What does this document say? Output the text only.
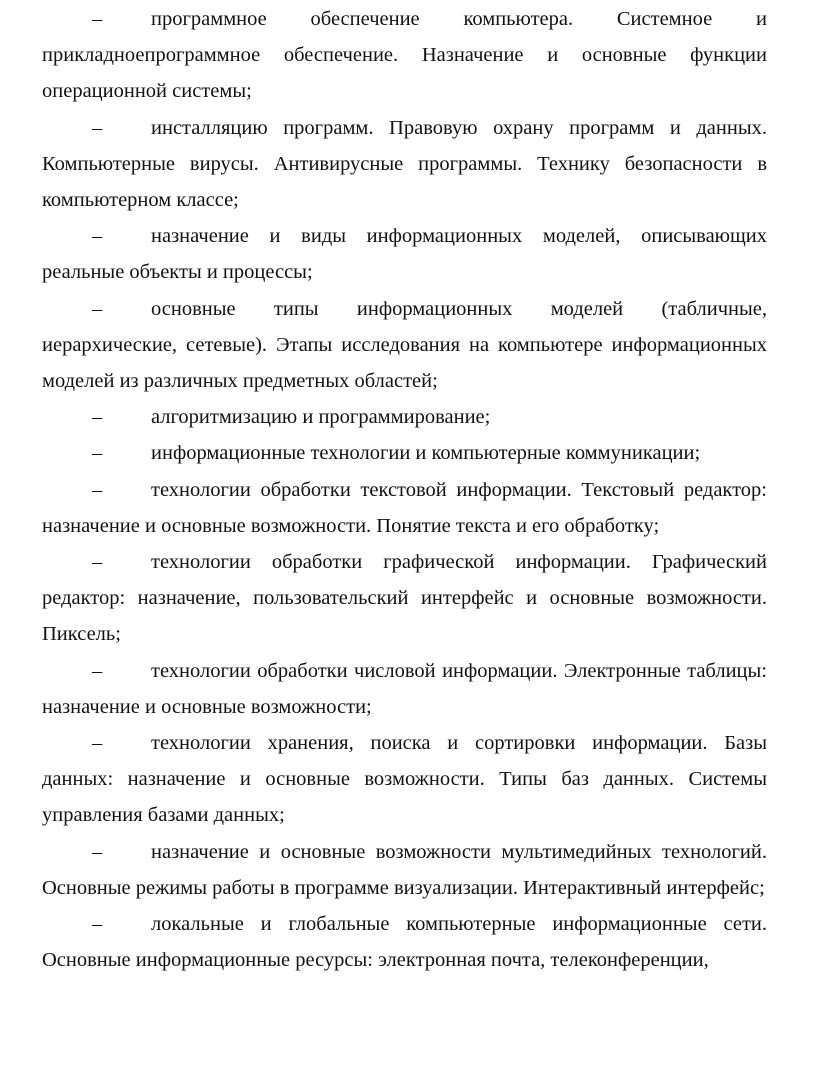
– программное обеспечение компьютера. Системное и прикладноепрограммное обеспечение. Назначение и основные функции операционной системы;

– инсталляцию программ. Правовую охрану программ и данных. Компьютерные вирусы. Антивирусные программы. Технику безопасности в компьютерном классе;

– назначение и виды информационных моделей, описывающих реальные объекты и процессы;

– основные типы информационных моделей (табличные, иерархические, сетевые). Этапы исследования на компьютере информационных моделей из различных предметных областей;

– алгоритмизацию и программирование;

– информационные технологии и компьютерные коммуникации;

– технологии обработки текстовой информации. Текстовый редактор: назначение и основные возможности. Понятие текста и его обработку;

– технологии обработки графической информации. Графический редактор: назначение, пользовательский интерфейс и основные возможности. Пиксель;

– технологии обработки числовой информации. Электронные таблицы: назначение и основные возможности;

– технологии хранения, поиска и сортировки информации. Базы данных: назначение и основные возможности. Типы баз данных. Системы управления базами данных;

– назначение и основные возможности мультимедийных технологий. Основные режимы работы в программе визуализации. Интерактивный интерфейс;

– локальные и глобальные компьютерные информационные сети. Основные информационные ресурсы: электронная почта, телеконференции,
